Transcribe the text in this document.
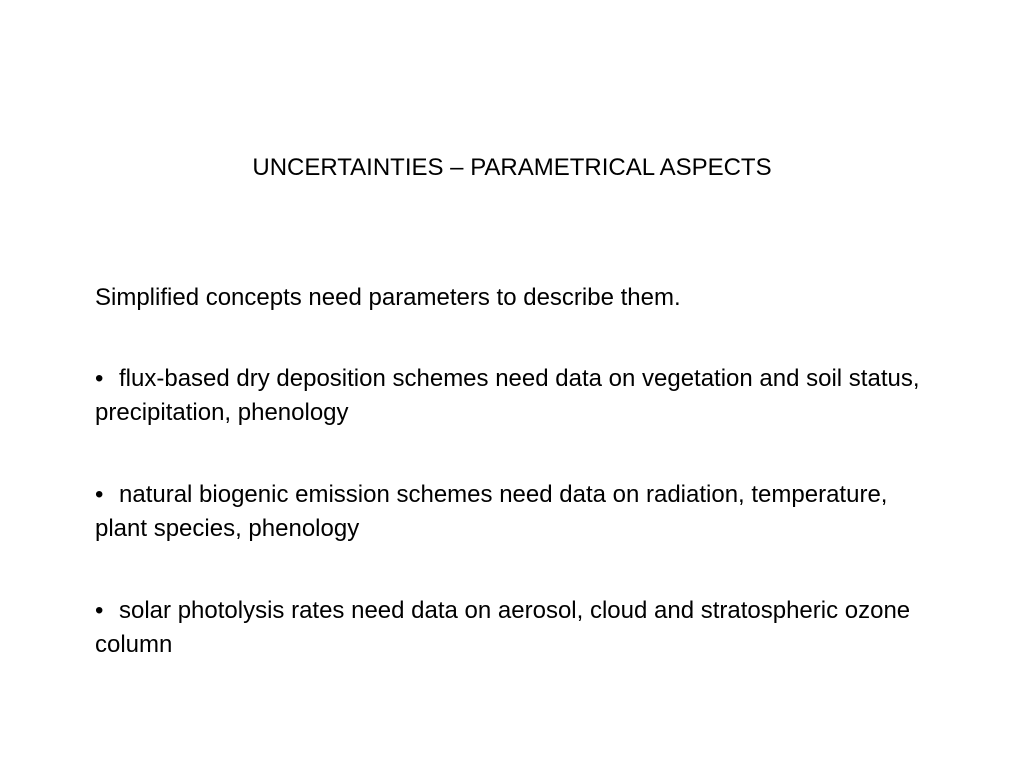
UNCERTAINTIES – PARAMETRICAL ASPECTS

Simplified concepts need parameters to describe them.

• flux-based dry deposition schemes need data on vegetation and soil status, precipitation, phenology

• natural biogenic emission schemes need data on radiation, temperature, plant species, phenology

• solar photolysis rates need data on aerosol, cloud and stratospheric ozone column
